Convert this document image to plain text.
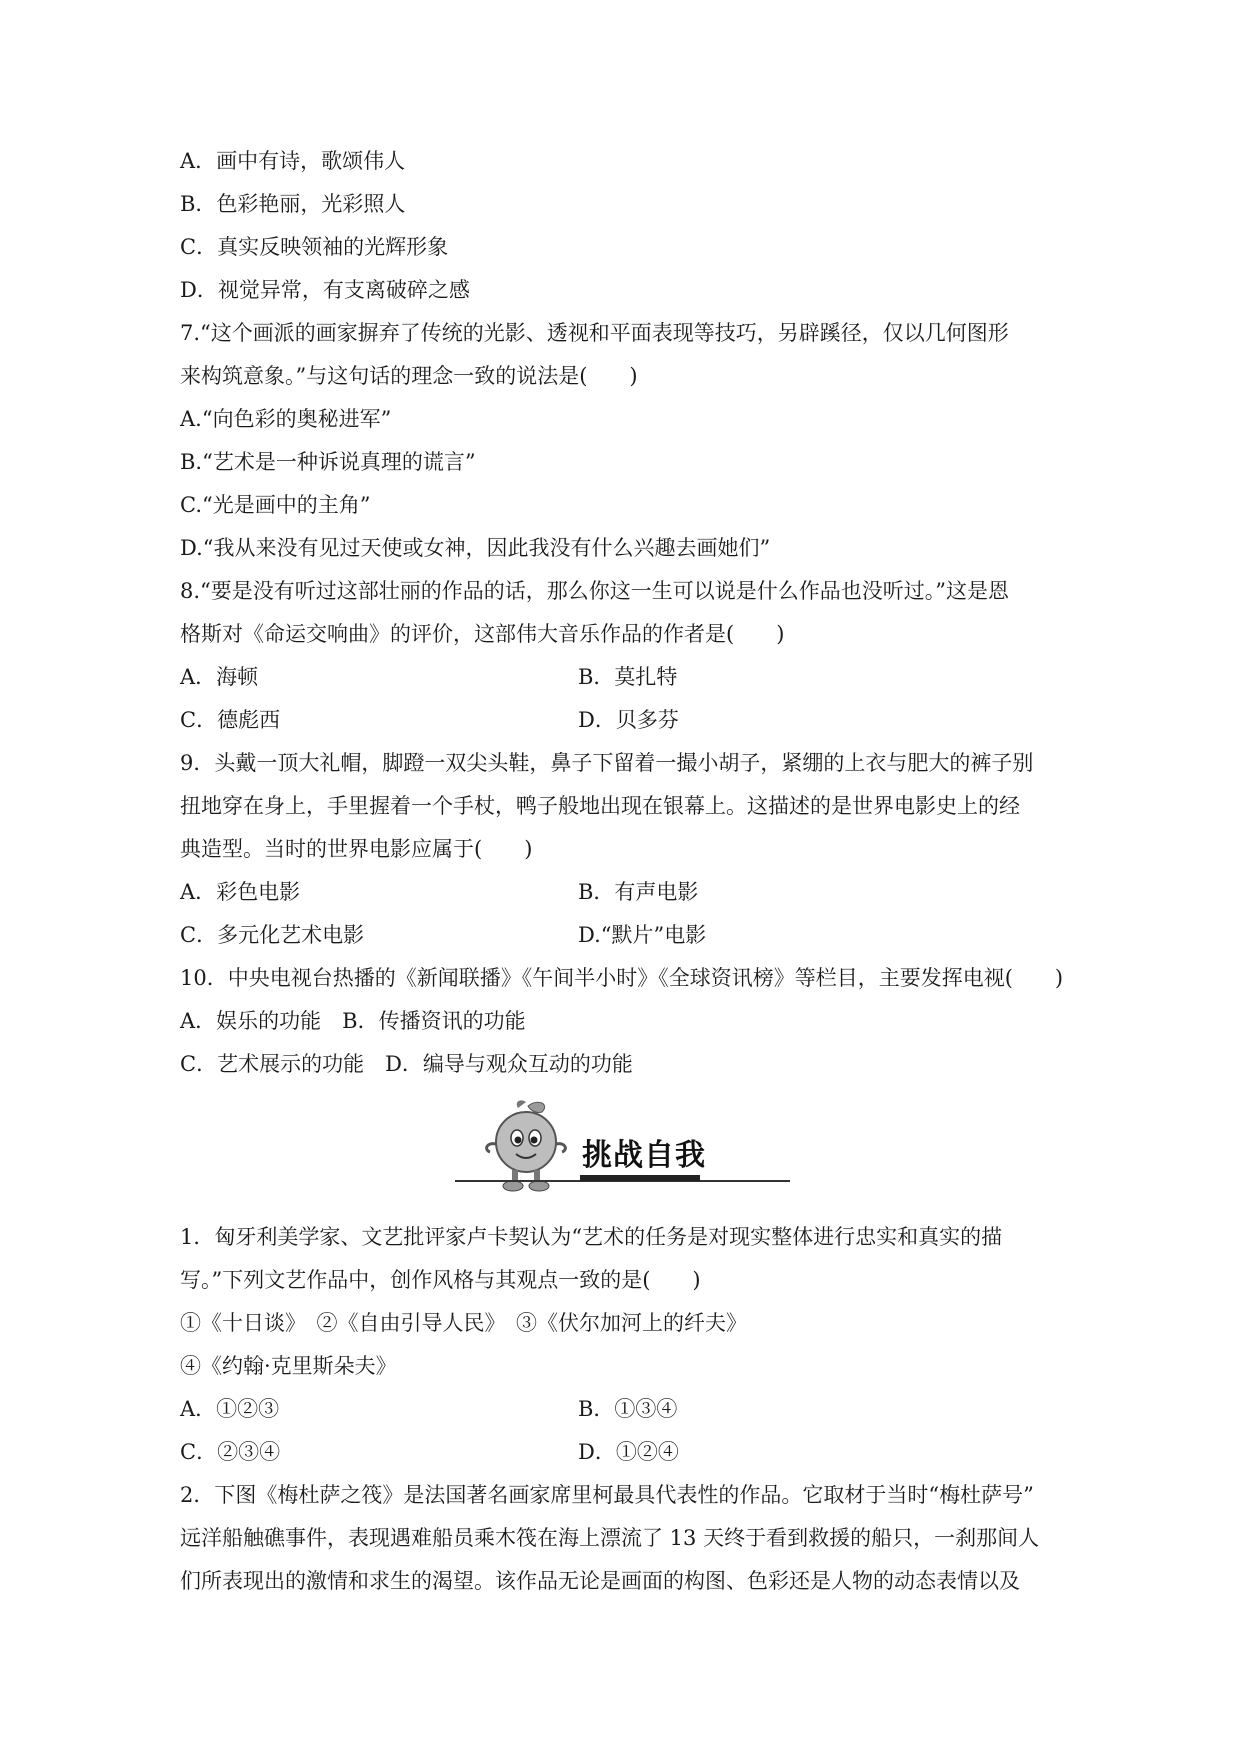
A．画中有诗，歌颂伟人
B．色彩艳丽，光彩照人
C．真实反映领袖的光辉形象
D．视觉异常，有支离破碎之感
7.“这个画派的画家摒弃了传统的光影、透视和平面表现等技巧，另辟蹊径，仅以几何图形
来构筑意象。”与这句话的理念一致的说法是(　　)
A.“向色彩的奥秘进军”
B.“艺术是一种诉说真理的谎言”
C.“光是画中的主角”
D.“我从来没有见过天使或女神，因此我没有什么兴趣去画她们”
8.“要是没有听过这部壮丽的作品的话，那么你这一生可以说是什么作品也没听过。”这是恩
格斯对《命运交响曲》的评价，这部伟大音乐作品的作者是(　　)
A．海顿	B．莫扎特
C．德彪西	D．贝多芬
9．头戴一顶大礼帽，脚蹬一双尖头鞋，鼻子下留着一撮小胡子，紧绷的上衣与肥大的裤子别
扭地穿在身上，手里握着一个手杖，鸭子般地出现在银幕上。这描述的是世界电影史上的经
典造型。当时的世界电影应属于(　　)
A．彩色电影	B．有声电影
C．多元化艺术电影	D.“默片”电影
10．中央电视台热播的《新闻联播》《午间半小时》《全球资讯榜》等栏目，主要发挥电视(　　)
A．娱乐的功能　B．传播资讯的功能
C．艺术展示的功能　D．编导与观众互动的功能
挑战自我
1．匈牙利美学家、文艺批评家卢卡契认为“艺术的任务是对现实整体进行忠实和真实的描
写。”下列文艺作品中，创作风格与其观点一致的是(　　)
①《十日谈》　②《自由引导人民》　③《伏尔加河上的纤夫》
④《约翰·克里斯朵夫》
A．①②③	B．①③④
C．②③④	D．①②④
2．下图《梅杜萨之筏》是法国著名画家席里柯最具代表性的作品。它取材于当时“梅杜萨号”
远洋船触礁事件，表现遇难船员乘木筏在海上漂流了 13 天终于看到救援的船只，一刹那间人
们所表现出的激情和求生的渴望。该作品无论是画面的构图、色彩还是人物的动态表情以及
